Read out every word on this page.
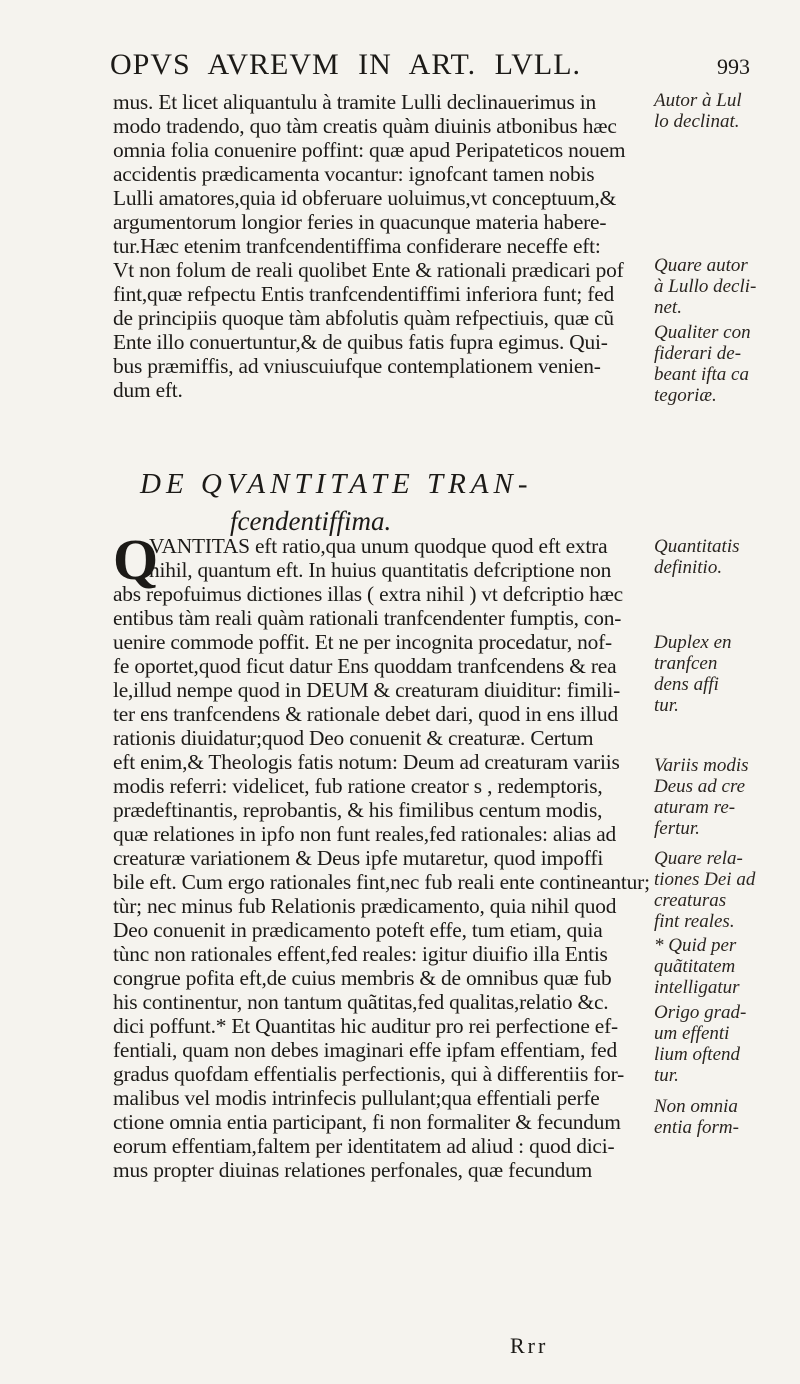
OPVS AVREVM IN ART. LVLL.	993
mus. Et licet aliquantulu à tramite Lulli declinauerimus in
modo tradendo, quo tàm creatis quàm diuinis atbonibus hæc
omnia folia conuenire poffint: quæ apud Peripateticos nouem
accidentis prædicamenta vocantur: ignofcant tamen nobis
Lulli amatores,quia id obferuare uoluimus,vt conceptuum,&
argumentorum longior feries in quacunque materia habere-
tur.Hæc etenim tranfcendentiffima confiderare neceffe eft:
Vt non folum de reali quolibet Ente & rationali prædicari pof
fint,quæ refpectu Entis tranfcendentiffimi inferiora funt; fed
de principiis quoque tàm abfolutis quàm refpectiuis, quæ cũ
Ente illo conuertuntur,& de quibus fatis fupra egimus. Qui-
bus præmiffis, ad vniuscuiufque contemplationem venien-
dum eft.
DE QVANTITATE TRAN-
fcendentiffima.
Q
VANTITAS eft ratio,qua unum quodque quod eft extra
nihil, quantum eft. In huius quantitatis defcriptione non
abs repofuimus dictiones illas ( extra nihil ) vt defcriptio hæc
entibus tàm reali quàm rationali tranfcendenter fumptis, con-
uenire commode poffit. Et ne per incognita procedatur, nof-
fe oportet,quod ficut datur Ens quoddam tranfcendens & rea
le,illud nempe quod in DEUM & creaturam diuiditur: fimili-
ter ens tranfcendens & rationale debet dari, quod in ens illud
rationis diuidatur;quod Deo conuenit & creaturæ. Certum
eft enim,& Theologis fatis notum: Deum ad creaturam variis
modis referri: videlicet, fub ratione creator s , redemptoris,
prædeftinantis, reprobantis, & his fimilibus centum modis,
quæ relationes in ipfo non funt reales,fed rationales: alias ad
creaturæ variationem & Deus ipfe mutaretur, quod impoffi
bile eft. Cum ergo rationales fint,nec fub reali ente contineantur;
tùr; nec minus fub Relationis prædicamento, quia nihil quod
Deo conuenit in prædicamento poteft effe, tum etiam, quia
tùnc non rationales effent,fed reales: igitur diuifio illa Entis
congrue pofita eft,de cuius membris & de omnibus quæ fub
his continentur, non tantum quãtitas,fed qualitas,relatio &c.
dici poffunt.* Et Quantitas hic auditur pro rei perfectione ef-
fentiali, quam non debes imaginari effe ipfam effentiam, fed
gradus quofdam effentialis perfectionis, qui à differentiis for-
malibus vel modis intrinfecis pullulant;qua effentiali perfe
ctione omnia entia participant, fi non formaliter & fecundum
eorum effentiam,faltem per identitatem ad aliud : quod dici-
mus propter diuinas relationes perfonales, quæ fecundum
Autor à Lul
lo declinat.
Quare autor
à Lullo decli-
net.
Qualiter con
fiderari de-
beant ifta ca
tegoriæ.
Quantitatis
definitio.
Duplex en
tranfcen
dens affi
tur.
Variis modis
Deus ad cre
aturam re-
fertur.
Quare rela-
tiones Dei ad
creaturas
fint reales.
* Quid per
quãtitatem
intelligatur
Origo grad-
um effenti
lium oftend
tur.
Non omnia
entia form-
Rrr
